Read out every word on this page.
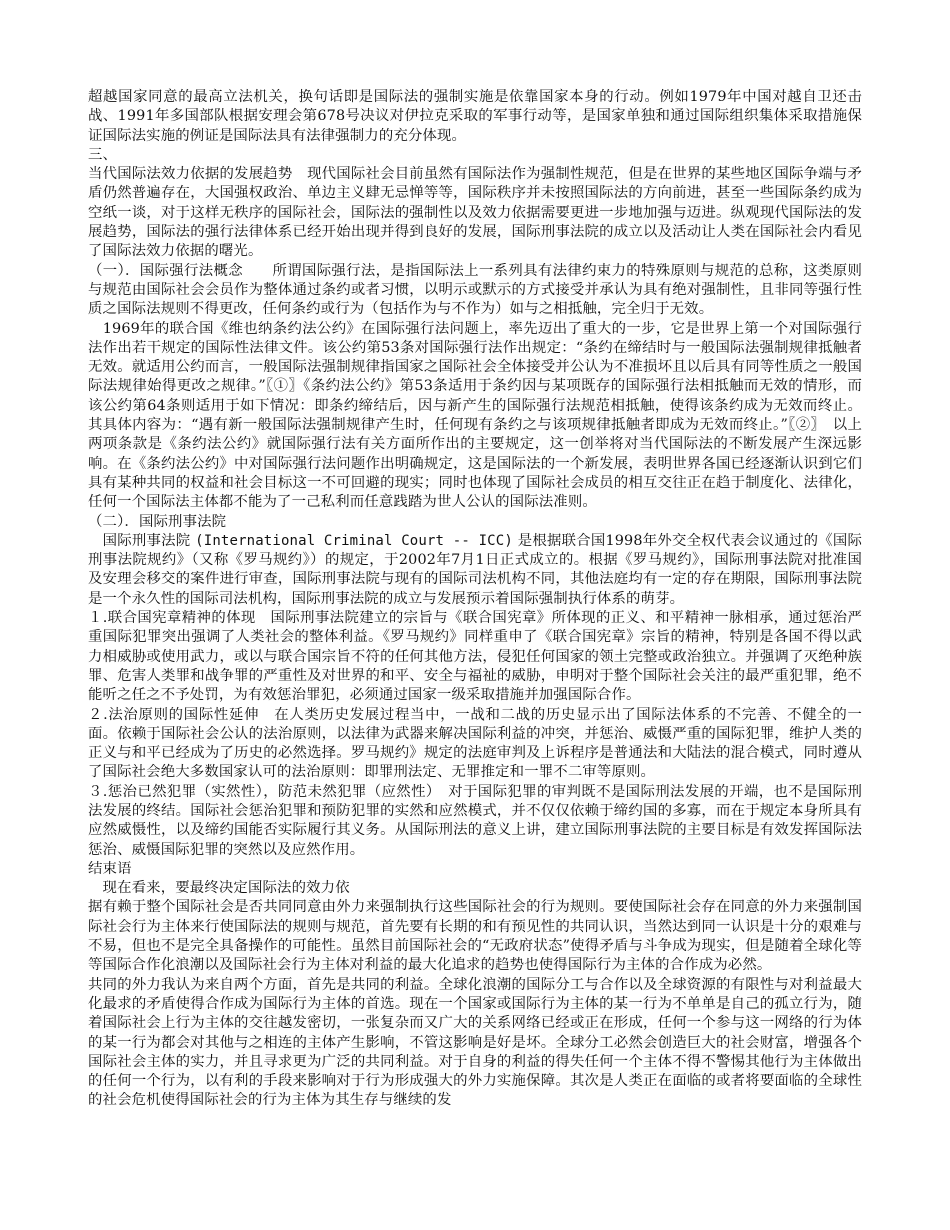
超越国家同意的最高立法机关，换句话即是国际法的强制实施是依靠国家本身的行动。例如1979年中国对越自卫还击战、1991年多国部队根据安理会第678号决议对伊拉克采取的军事行动等，是国家单独和通过国际组织集体采取措施保证国际法实施的例证是国际法具有法律强制力的充分体现。

三、

当代国际法效力依据的发展趋势　现代国际社会目前虽然有国际法作为强制性规范，但是在世界的某些地区国际争端与矛盾仍然普遍存在，大国强权政治、单边主义肆无忌惮等等，国际秩序并未按照国际法的方向前进，甚至一些国际条约成为空纸一谈，对于这样无秩序的国际社会，国际法的强制性以及效力依据需要更进一步地加强与迈进。纵观现代国际法的发展趋势，国际法的强行法律体系已经开始出现并得到良好的发展，国际刑事法院的成立以及活动让人类在国际社会内看见了国际法效力依据的曙光。

（一）．国际强行法概念　　所谓国际强行法，是指国际法上一系列具有法律约束力的特殊原则与规范的总称，这类原则与规范由国际社会会员作为整体通过条约或者习惯，以明示或默示的方式接受并承认为具有绝对强制性，且非同等强行性质之国际法规则不得更改，任何条约或行为（包括作为与不作为）如与之相抵触，完全归于无效。

　1969年的联合国《维也纳条约法公约》在国际强行法问题上，率先迈出了重大的一步，它是世界上第一个对国际强行法作出若干规定的国际性法律文件。该公约第53条对国际强行法作出规定：“条约在缔结时与一般国际法强制规律抵触者无效。就适用公约而言，一般国际法强制规律指国家之国际社会全体接受并公认为不准损坏且以后具有同等性质之一般国际法规律始得更改之规律。”〖①〗《条约法公约》第53条适用于条约因与某项既存的国际强行法相抵触而无效的情形，而该公约第64条则适用于如下情况：即条约缔结后，因与新产生的国际强行法规范相抵触，使得该条约成为无效而终止。其具体内容为：“遇有新一般国际法强制规律产生时，任何现有条约之与该项规律抵触者即成为无效而终止。”〖②〗　以上两项条款是《条约法公约》就国际强行法有关方面所作出的主要规定，这一创举将对当代国际法的不断发展产生深远影响。在《条约法公约》中对国际强行法问题作出明确规定，这是国际法的一个新发展，表明世界各国已经逐渐认识到它们具有某种共同的权益和社会目标这一不可回避的现实；同时也体现了国际社会成员的相互交往正在趋于制度化、法律化，任何一个国际法主体都不能为了一己私利而任意践踏为世人公认的国际法准则。

（二）．国际刑事法院

　国际刑事法院 (International Criminal Court -- ICC) 是根据联合国1998年外交全权代表会议通过的《国际刑事法院规约》（又称《罗马规约》）的规定，于2002年7月1日正式成立的。根据《罗马规约》，国际刑事法院对批准国及安理会移交的案件进行审查，国际刑事法院与现有的国际司法机构不同，其他法庭均有一定的存在期限，国际刑事法院是一个永久性的国际司法机构，国际刑事法院的成立与发展预示着国际强制执行体系的萌芽。

１.联合国宪章精神的体现　国际刑事法院建立的宗旨与《联合国宪章》所体现的正义、和平精神一脉相承，通过惩治严重国际犯罪突出强调了人类社会的整体利益。《罗马规约》同样重申了《联合国宪章》宗旨的精神，特别是各国不得以武力相威胁或使用武力，或以与联合国宗旨不符的任何其他方法，侵犯任何国家的领土完整或政治独立。并强调了灭绝种族罪、危害人类罪和战争罪的严重性及对世界的和平、安全与福祉的威胁，申明对于整个国际社会关注的最严重犯罪，绝不能听之任之不予处罚，为有效惩治罪犯，必须通过国家一级采取措施并加强国际合作。

２.法治原则的国际性延伸　在人类历史发展过程当中，一战和二战的历史显示出了国际法体系的不完善、不健全的一面。依赖于国际社会公认的法治原则，以法律为武器来解决国际利益的冲突，并惩治、威慑严重的国际犯罪，维护人类的正义与和平已经成为了历史的必然选择。罗马规约》规定的法庭审判及上诉程序是普通法和大陆法的混合模式，同时遵从了国际社会绝大多数国家认可的法治原则：即罪刑法定、无罪推定和一罪不二审等原则。

３.惩治已然犯罪（实然性），防范未然犯罪（应然性）　对于国际犯罪的审判既不是国际刑法发展的开端，也不是国际刑法发展的终结。国际社会惩治犯罪和预防犯罪的实然和应然模式，并不仅仅依赖于缔约国的多寡，而在于规定本身所具有应然威慑性，以及缔约国能否实际履行其义务。从国际刑法的意义上讲，建立国际刑事法院的主要目标是有效发挥国际法惩治、威慑国际犯罪的突然以及应然作用。

结束语

　现在看来，要最终决定国际法的效力依

据有赖于整个国际社会是否共同同意由外力来强制执行这些国际社会的行为规则。要使国际社会存在同意的外力来强制国际社会行为主体来行使国际法的规则与规范，首先要有长期的和有预见性的共同认识，当然达到同一认识是十分的艰难与不易，但也不是完全具备操作的可能性。虽然目前国际社会的“无政府状态”使得矛盾与斗争成为现实，但是随着全球化等等国际合作化浪潮以及国际社会行为主体对利益的最大化追求的趋势也使得国际行为主体的合作成为必然。

共同的外力我认为来自两个方面，首先是共同的利益。全球化浪潮的国际分工与合作以及全球资源的有限性与对利益最大化最求的矛盾使得合作成为国际行为主体的首选。现在一个国家或国际行为主体的某一行为不单单是自己的孤立行为，随着国际社会上行为主体的交往越发密切，一张复杂而又广大的关系网络已经或正在形成，任何一个参与这一网络的行为体的某一行为都会对其他与之相连的主体产生影响，不管这影响是好是坏。全球分工必然会创造巨大的社会财富，增强各个国际社会主体的实力，并且寻求更为广泛的共同利益。对于自身的利益的得失任何一个主体不得不警惕其他行为主体做出的任何一个行为，以有利的手段来影响对于行为形成强大的外力实施保障。其次是人类正在面临的或者将要面临的全球性的社会危机使得国际社会的行为主体为其生存与继续的发
